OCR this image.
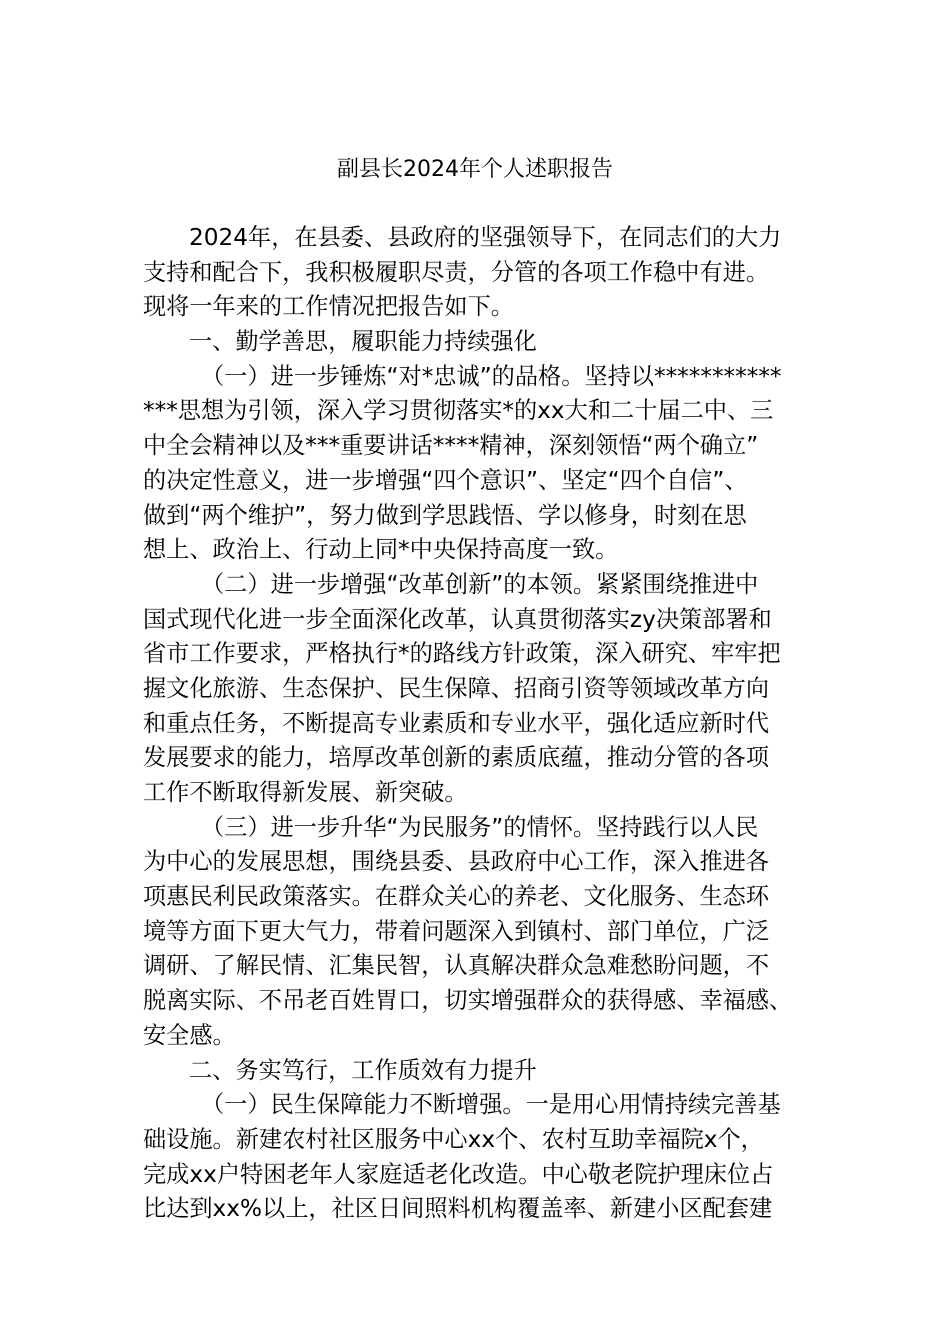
副县长2024年个人述职报告
2024年，在县委、县政府的坚强领导下，在同志们的大力
支持和配合下，我积极履职尽责，分管的各项工作稳中有进。
现将一年来的工作情况把报告如下。
一、勤学善思，履职能力持续强化
（一）进一步锤炼“对*忠诚”的品格。坚持以***********
***思想为引领，深入学习贯彻落实*的xx大和二十届二中、三
中全会精神以及***重要讲话****精神，深刻领悟“两个确立”
的决定性意义，进一步增强“四个意识”、坚定“四个自信”、
做到“两个维护”，努力做到学思践悟、学以修身，时刻在思
想上、政治上、行动上同*中央保持高度一致。
（二）进一步增强“改革创新”的本领。紧紧围绕推进中
国式现代化进一步全面深化改革，认真贯彻落实zy决策部署和
省市工作要求，严格执行*的路线方针政策，深入研究、牢牢把
握文化旅游、生态保护、民生保障、招商引资等领域改革方向
和重点任务，不断提高专业素质和专业水平，强化适应新时代
发展要求的能力，培厚改革创新的素质底蕴，推动分管的各项
工作不断取得新发展、新突破。
（三）进一步升华“为民服务”的情怀。坚持践行以人民
为中心的发展思想，围绕县委、县政府中心工作，深入推进各
项惠民利民政策落实。在群众关心的养老、文化服务、生态环
境等方面下更大气力，带着问题深入到镇村、部门单位，广泛
调研、了解民情、汇集民智，认真解决群众急难愁盼问题，不
脱离实际、不吊老百姓胃口，切实增强群众的获得感、幸福感、
安全感。
二、务实笃行，工作质效有力提升
（一）民生保障能力不断增强。一是用心用情持续完善基
础设施。新建农村社区服务中心xx个、农村互助幸福院x个，
完成xx户特困老年人家庭适老化改造。中心敬老院护理床位占
比达到xx%以上，社区日间照料机构覆盖率、新建小区配套建
